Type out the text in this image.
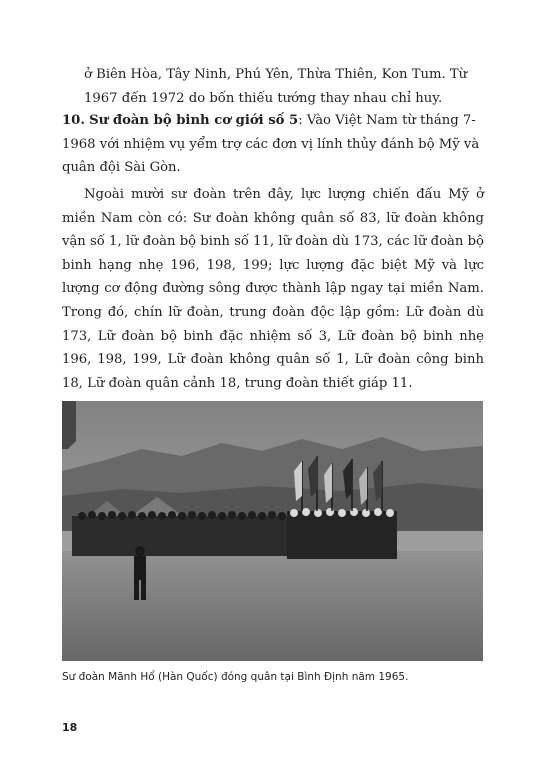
ở Biên Hòa, Tây Ninh, Phú Yên, Thừa Thiên, Kon Tum. Từ 1967 đến 1972 do bốn thiếu tướng thay nhau chỉ huy.

10. Sư đoàn bộ binh cơ giới số 5: Vào Việt Nam từ tháng 7-1968 với nhiệm vụ yểm trợ các đơn vị lính thủy đánh bộ Mỹ và quân đội Sài Gòn.

Ngoài mười sư đoàn trên đây, lực lượng chiến đấu Mỹ ở miền Nam còn có: Sư đoàn không quân số 83, lữ đoàn không vận số 1, lữ đoàn bộ binh số 11, lữ đoàn dù 173, các lữ đoàn bộ binh hạng nhẹ 196, 198, 199; lực lượng đặc biệt Mỹ và lực lượng cơ động đường sông được thành lập ngay tại miền Nam. Trong đó, chín lữ đoàn, trung đoàn độc lập gồm: Lữ đoàn dù 173, Lữ đoàn bộ binh đặc nhiệm số 3, Lữ đoàn bộ binh nhẹ 196, 198, 199, Lữ đoàn không quân số 1, Lữ đoàn công binh 18, Lữ đoàn quân cảnh 18, trung đoàn thiết giáp 11.

Sư đoàn Mãnh Hổ (Hàn Quốc) đóng quân tại Bình Định năm 1965.
18
